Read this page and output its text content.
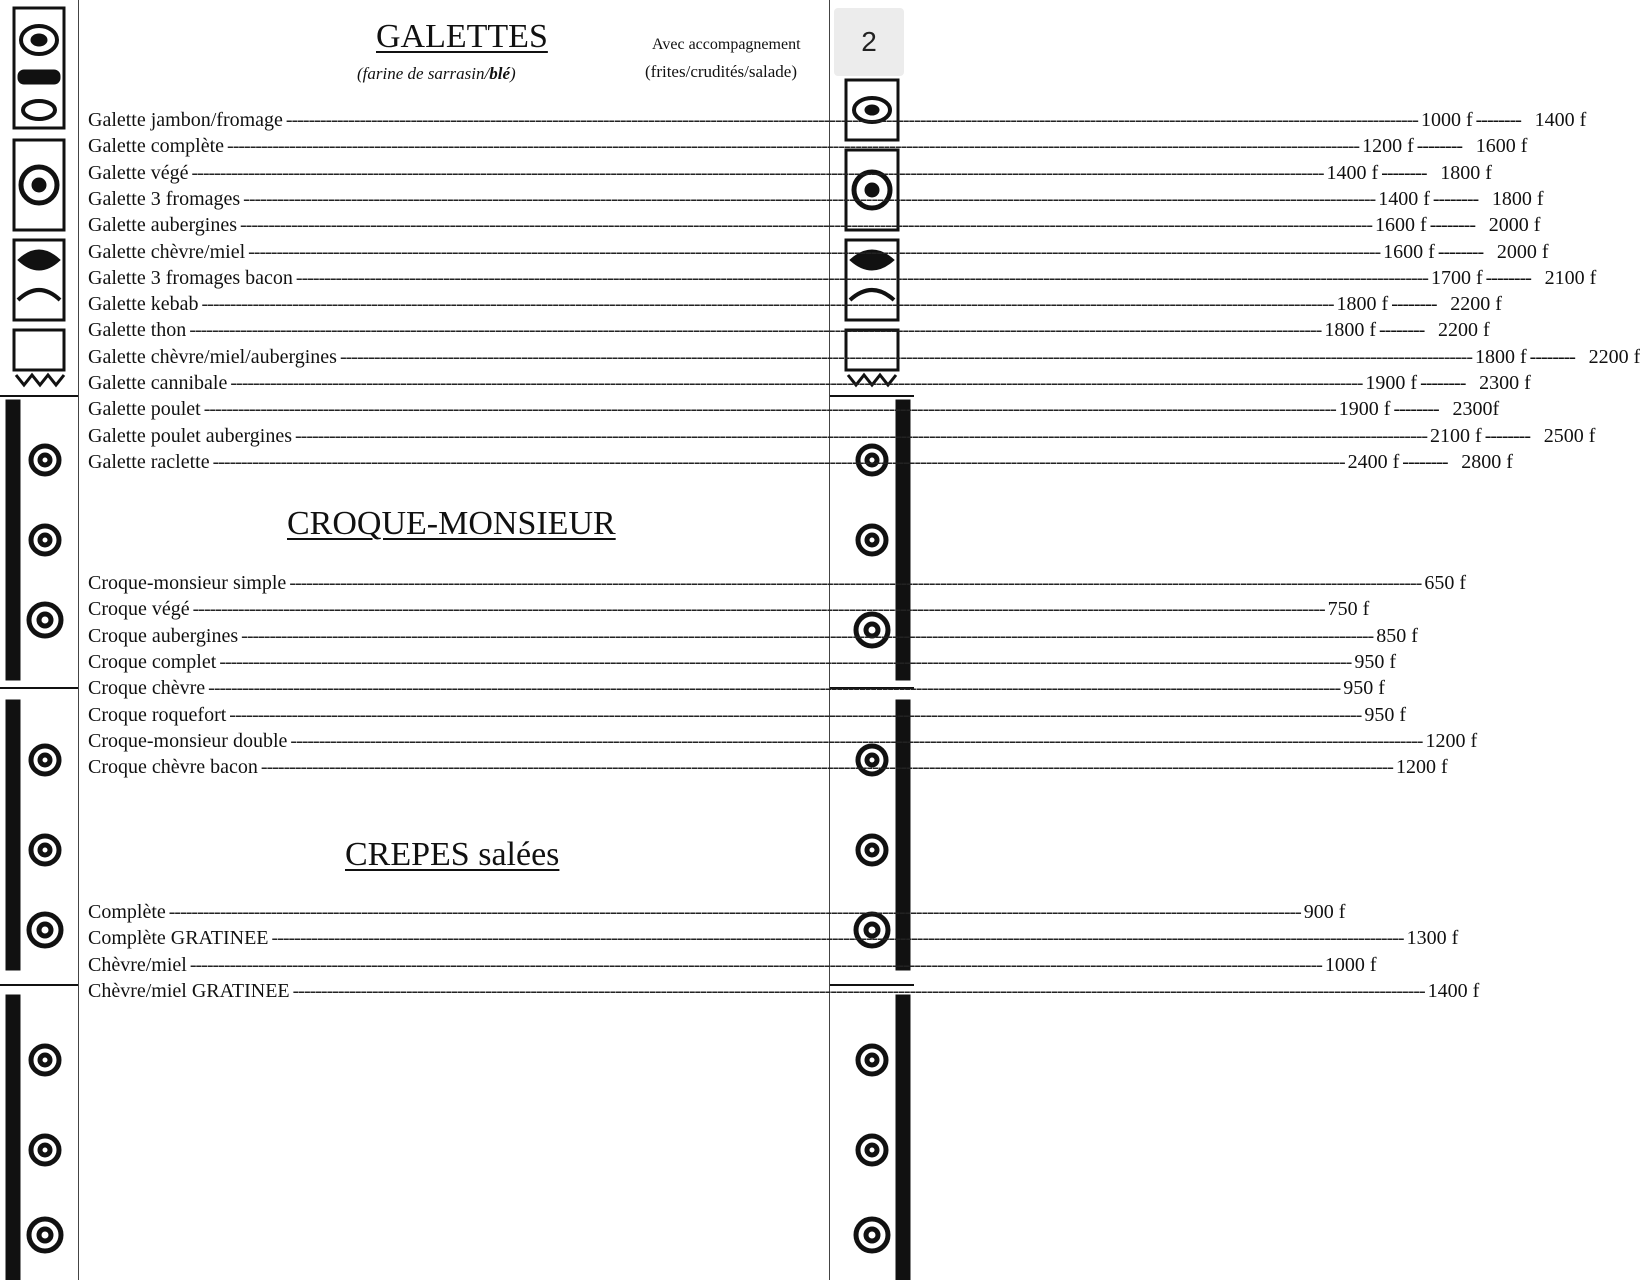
2
GALETTES
(farine de sarrasin/blé)
Avec accompagnement
(frites/crudités/salade)
Galette jambon/fromage -------------------------------------------------------------------------------------------------------------------------------------------------------------------------------------------------------- 1000 f -------- 1400 f
Galette complète -------------------------------------------------------------------------------------------------------------------------------------------------------------------------------------------------------- 1200 f -------- 1600 f
Galette végé -------------------------------------------------------------------------------------------------------------------------------------------------------------------------------------------------------- 1400 f -------- 1800 f
Galette 3 fromages -------------------------------------------------------------------------------------------------------------------------------------------------------------------------------------------------------- 1400 f -------- 1800 f
Galette aubergines -------------------------------------------------------------------------------------------------------------------------------------------------------------------------------------------------------- 1600 f -------- 2000 f
Galette chèvre/miel -------------------------------------------------------------------------------------------------------------------------------------------------------------------------------------------------------- 1600 f -------- 2000 f
Galette 3 fromages bacon -------------------------------------------------------------------------------------------------------------------------------------------------------------------------------------------------------- 1700 f -------- 2100 f
Galette kebab -------------------------------------------------------------------------------------------------------------------------------------------------------------------------------------------------------- 1800 f -------- 2200 f
Galette thon -------------------------------------------------------------------------------------------------------------------------------------------------------------------------------------------------------- 1800 f -------- 2200 f
Galette chèvre/miel/aubergines -------------------------------------------------------------------------------------------------------------------------------------------------------------------------------------------------------- 1800 f -------- 2200 f
Galette cannibale -------------------------------------------------------------------------------------------------------------------------------------------------------------------------------------------------------- 1900 f -------- 2300 f
Galette poulet -------------------------------------------------------------------------------------------------------------------------------------------------------------------------------------------------------- 1900 f -------- 2300f
Galette poulet aubergines -------------------------------------------------------------------------------------------------------------------------------------------------------------------------------------------------------- 2100 f -------- 2500 f
Galette raclette -------------------------------------------------------------------------------------------------------------------------------------------------------------------------------------------------------- 2400 f -------- 2800 f
CROQUE-MONSIEUR
Croque-monsieur simple -------------------------------------------------------------------------------------------------------------------------------------------------------------------------------------------------------- 650 f
Croque végé -------------------------------------------------------------------------------------------------------------------------------------------------------------------------------------------------------- 750 f
Croque aubergines -------------------------------------------------------------------------------------------------------------------------------------------------------------------------------------------------------- 850 f
Croque complet -------------------------------------------------------------------------------------------------------------------------------------------------------------------------------------------------------- 950 f
Croque chèvre -------------------------------------------------------------------------------------------------------------------------------------------------------------------------------------------------------- 950 f
Croque roquefort -------------------------------------------------------------------------------------------------------------------------------------------------------------------------------------------------------- 950 f
Croque-monsieur double -------------------------------------------------------------------------------------------------------------------------------------------------------------------------------------------------------- 1200 f
Croque chèvre bacon -------------------------------------------------------------------------------------------------------------------------------------------------------------------------------------------------------- 1200 f
CREPES salées
Complète -------------------------------------------------------------------------------------------------------------------------------------------------------------------------------------------------------- 900 f
Complète GRATINEE -------------------------------------------------------------------------------------------------------------------------------------------------------------------------------------------------------- 1300 f
Chèvre/miel -------------------------------------------------------------------------------------------------------------------------------------------------------------------------------------------------------- 1000 f
Chèvre/miel GRATINEE -------------------------------------------------------------------------------------------------------------------------------------------------------------------------------------------------------- 1400 f
